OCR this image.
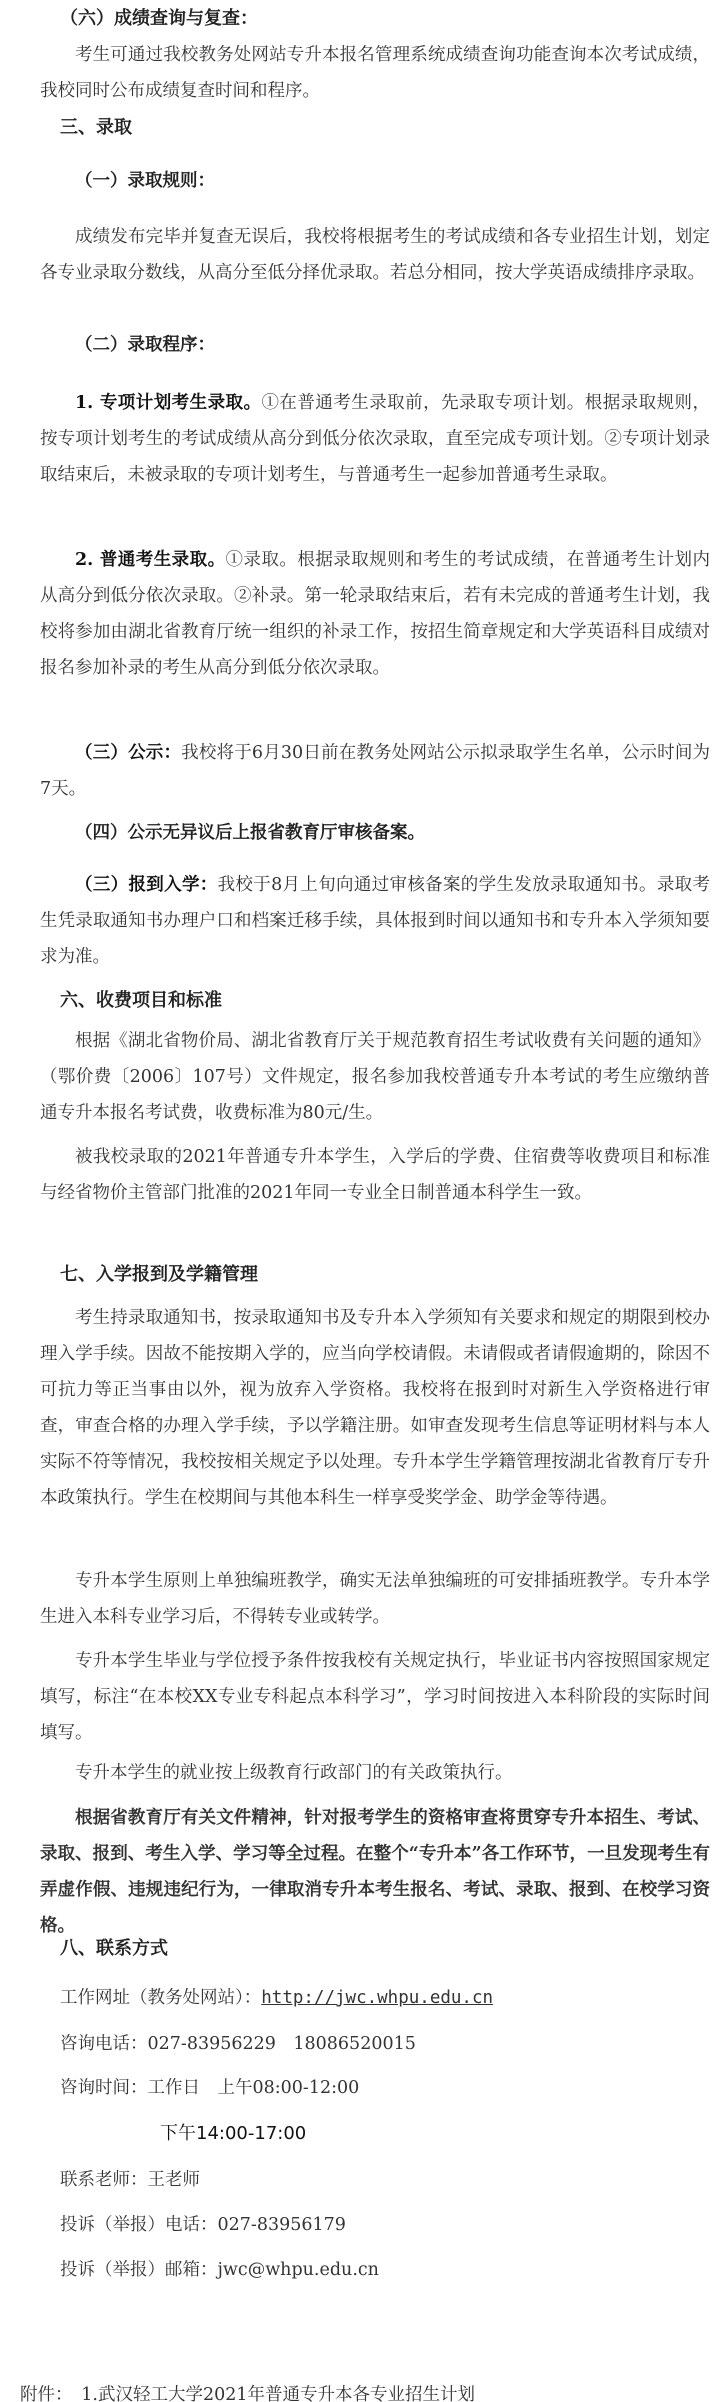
（六）成绩查询与复查：

考生可通过我校教务处网站专升本报名管理系统成绩查询功能查询本次考试成绩，我校同时公布成绩复查时间和程序。

三、录取
（一）录取规则：

成绩发布完毕并复查无误后，我校将根据考生的考试成绩和各专业招生计划，划定各专业录取分数线，从高分至低分择优录取。若总分相同，按大学英语成绩排序录取。

（二）录取程序：

1. 专项计划考生录取。①在普通考生录取前，先录取专项计划。根据录取规则，按专项计划考生的考试成绩从高分到低分依次录取，直至完成专项计划。②专项计划录取结束后，未被录取的专项计划考生，与普通考生一起参加普通考生录取。

2. 普通考生录取。①录取。根据录取规则和考生的考试成绩，在普通考生计划内从高分到低分依次录取。②补录。第一轮录取结束后，若有未完成的普通考生计划，我校将参加由湖北省教育厅统一组织的补录工作，按招生简章规定和大学英语科目成绩对报名参加补录的考生从高分到低分依次录取。

（三）公示：我校将于6月30日前在教务处网站公示拟录取学生名单，公示时间为7天。

（四）公示无异议后上报省教育厅审核备案。

（三）报到入学：我校于8月上旬向通过审核备案的学生发放录取通知书。录取考生凭录取通知书办理户口和档案迁移手续，具体报到时间以通知书和专升本入学须知要求为准。

六、收费项目和标准

根据《湖北省物价局、湖北省教育厅关于规范教育招生考试收费有关问题的通知》（鄂价费〔2006〕107号）文件规定，报名参加我校普通专升本考试的考生应缴纳普通专升本报名考试费，收费标准为80元/生。

被我校录取的2021年普通专升本学生，入学后的学费、住宿费等收费项目和标准与经省物价主管部门批准的2021年同一专业全日制普通本科学生一致。

七、入学报到及学籍管理

考生持录取通知书，按录取通知书及专升本入学须知有关要求和规定的期限到校办理入学手续。因故不能按期入学的，应当向学校请假。未请假或者请假逾期的，除因不可抗力等正当事由以外，视为放弃入学资格。我校将在报到时对新生入学资格进行审查，审查合格的办理入学手续，予以学籍注册。如审查发现考生信息等证明材料与本人实际不符等情况，我校按相关规定予以处理。专升本学生学籍管理按湖北省教育厅专升本政策执行。学生在校期间与其他本科生一样享受奖学金、助学金等待遇。

专升本学生原则上单独编班教学，确实无法单独编班的可安排插班教学。专升本学生进入本科专业学习后，不得转专业或转学。

专升本学生毕业与学位授予条件按我校有关规定执行，毕业证书内容按照国家规定填写，标注“在本校XX专业专科起点本科学习”，学习时间按进入本科阶段的实际时间填写。

专升本学生的就业按上级教育行政部门的有关政策执行。

根据省教育厅有关文件精神，针对报考学生的资格审查将贯穿专升本招生、考试、录取、报到、考生入学、学习等全过程。在整个“专升本”各工作环节，一旦发现考生有弄虚作假、违规违纪行为，一律取消专升本考生报名、考试、录取、报到、在校学习资格。

八、联系方式
工作网址（教务处网站）：http://jwc.whpu.edu.cn
咨询电话：027-83956229　18086520015
咨询时间：工作日　上午08:00-12:00
下午14:00-17:00
联系老师：王老师
投诉（举报）电话：027-83956179
投诉（举报）邮箱：jwc@whpu.edu.cn
附件：　1.武汉轻工大学2021年普通专升本各专业招生计划
